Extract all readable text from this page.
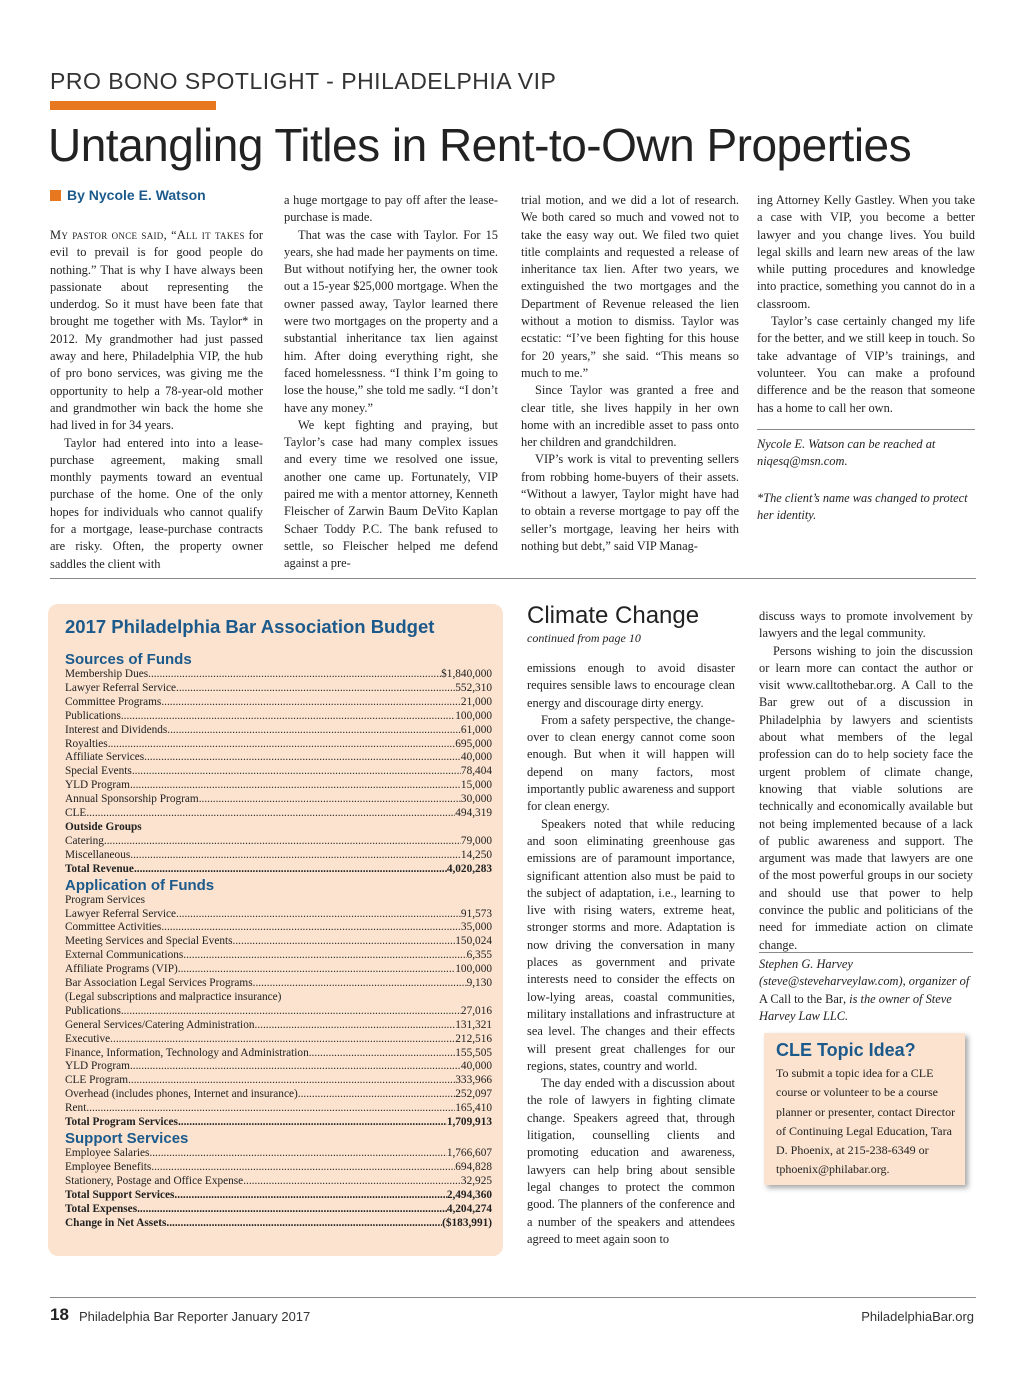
PRO BONO SPOTLIGHT - PHILADELPHIA VIP
Untangling Titles in Rent-to-Own Properties
By Nycole E. Watson

My pastor once said, “All it takes for evil to prevail is for good people do nothing.” That is why I have always been passionate about representing the underdog. So it must have been fate that brought me together with Ms. Taylor* in 2012. My grandmother had just passed away and here, Philadelphia VIP, the hub of pro bono services, was giving me the opportunity to help a 78-year-old mother and grandmother win back the home she had lived in for 34 years.

Taylor had entered into into a lease-purchase agreement, making small monthly payments toward an eventual purchase of the home. One of the only hopes for individuals who cannot qualify for a mortgage, lease-purchase contracts are risky. Often, the property owner saddles the client with

a huge mortgage to pay off after the lease-purchase is made.

That was the case with Taylor. For 15 years, she had made her payments on time. But without notifying her, the owner took out a 15-year $25,000 mortgage. When the owner passed away, Taylor learned there were two mortgages on the property and a substantial inheritance tax lien against him. After doing everything right, she faced homelessness. “I think I’m going to lose the house,” she told me sadly. “I don’t have any money.”

We kept fighting and praying, but Taylor’s case had many complex issues and every time we resolved one issue, another one came up. Fortunately, VIP paired me with a mentor attorney, Kenneth Fleischer of Zarwin Baum DeVito Kaplan Schaer Toddy P.C. The bank refused to settle, so Fleischer helped me defend against a pre-

trial motion, and we did a lot of research. We both cared so much and vowed not to take the easy way out. We filed two quiet title complaints and requested a release of inheritance tax lien. After two years, we extinguished the two mortgages and the Department of Revenue released the lien without a motion to dismiss. Taylor was ecstatic: “I’ve been fighting for this house for 20 years,” she said. “This means so much to me.”

Since Taylor was granted a free and clear title, she lives happily in her own home with an incredible asset to pass onto her children and grandchildren.

VIP’s work is vital to preventing sellers from robbing home-buyers of their assets. “Without a lawyer, Taylor might have had to obtain a reverse mortgage to pay off the seller’s mortgage, leaving her heirs with nothing but debt,” said VIP Manag-

ing Attorney Kelly Gastley. When you take a case with VIP, you become a better lawyer and you change lives. You build legal skills and learn new areas of the law while putting procedures and knowledge into practice, something you cannot do in a classroom.

Taylor’s case certainly changed my life for the better, and we still keep in touch. So take advantage of VIP’s trainings, and volunteer. You can make a profound difference and be the reason that someone has a home to call her own.

Nycole E. Watson can be reached at niqesq@msn.com.
*The client’s name was changed to protect her identity.
2017 Philadelphia Bar Association Budget
Sources of Funds
Membership Dues .....	$1,840,000
Lawyer Referral Service .....	552,310
Committee Programs .....	21,000
Publications .....	100,000
Interest and Dividends .....	61,000
Royalties .....	695,000
Affiliate Services .....	40,000
Special Events .....	78,404
YLD Program .....	15,000
Annual Sponsorship Program .....	30,000
CLE .....	494,319
Outside Groups
Catering .....	79,000
Miscellaneous .....	14,250
Total Revenue .....	4,020,283
Application of Funds
Program Services
Lawyer Referral Service .....	91,573
Committee Activities .....	35,000
Meeting Services and Special Events .....	150,024
External Communications .....	6,355
Affiliate Programs (VIP) .....	100,000
Bar Association Legal Services Programs .....	9,130
(Legal subscriptions and malpractice insurance)
Publications .....	27,016
General Services/Catering Administration .....	131,321
Executive .....	212,516
Finance, Information, Technology and Administration .....	155,505
YLD Program .....	40,000
CLE Program .....	333,966
Overhead (includes phones, Internet and insurance) .....	252,097
Rent .....	165,410
Total Program Services .....	1,709,913
Support Services
Employee Salaries .....	1,766,607
Employee Benefits .....	694,828
Stationery, Postage and Office Expense .....	32,925
Total Support Services .....	2,494,360
Total Expenses .....	4,204,274
Change in Net Assets .....	($183,991)
Climate Change
continued from page 10

emissions enough to avoid disaster requires sensible laws to encourage clean energy and discourage dirty energy.

From a safety perspective, the change-over to clean energy cannot come soon enough. But when it will happen will depend on many factors, most importantly public awareness and support for clean energy.

Speakers noted that while reducing and soon eliminating greenhouse gas emissions are of paramount importance, significant attention also must be paid to the subject of adaptation, i.e., learning to live with rising waters, extreme heat, stronger storms and more. Adaptation is now driving the conversation in many places as government and private interests need to consider the effects on low-lying areas, coastal communities, military installations and infrastructure at sea level. The changes and their effects will present great challenges for our regions, states, country and world.

The day ended with a discussion about the role of lawyers in fighting climate change. Speakers agreed that, through litigation, counselling clients and promoting education and awareness, lawyers can help bring about sensible legal changes to protect the common good. The planners of the conference and a number of the speakers and attendees agreed to meet again soon to

discuss ways to promote involvement by lawyers and the legal community.

Persons wishing to join the discussion or learn more can contact the author or visit www.calltothebar.org. A Call to the Bar grew out of a discussion in Philadelphia by lawyers and scientists about what members of the legal profession can do to help society face the urgent problem of climate change, knowing that viable solutions are technically and economically available but not being implemented because of a lack of public awareness and support. The argument was made that lawyers are one of the most powerful groups in our society and should use that power to help convince the public and politicians of the need for immediate action on climate change.

Stephen G. Harvey (steve@steveharveylaw.com), organizer of A Call to the Bar, is the owner of Steve Harvey Law LLC.
CLE Topic Idea?
To submit a topic idea for a CLE course or volunteer to be a course planner or presenter, contact Director of Continuing Legal Education, Tara D. Phoenix, at 215-238-6349 or tphoenix@philabar.org.
18 Philadelphia Bar Reporter January 2017	PhiladelphiaBar.org
